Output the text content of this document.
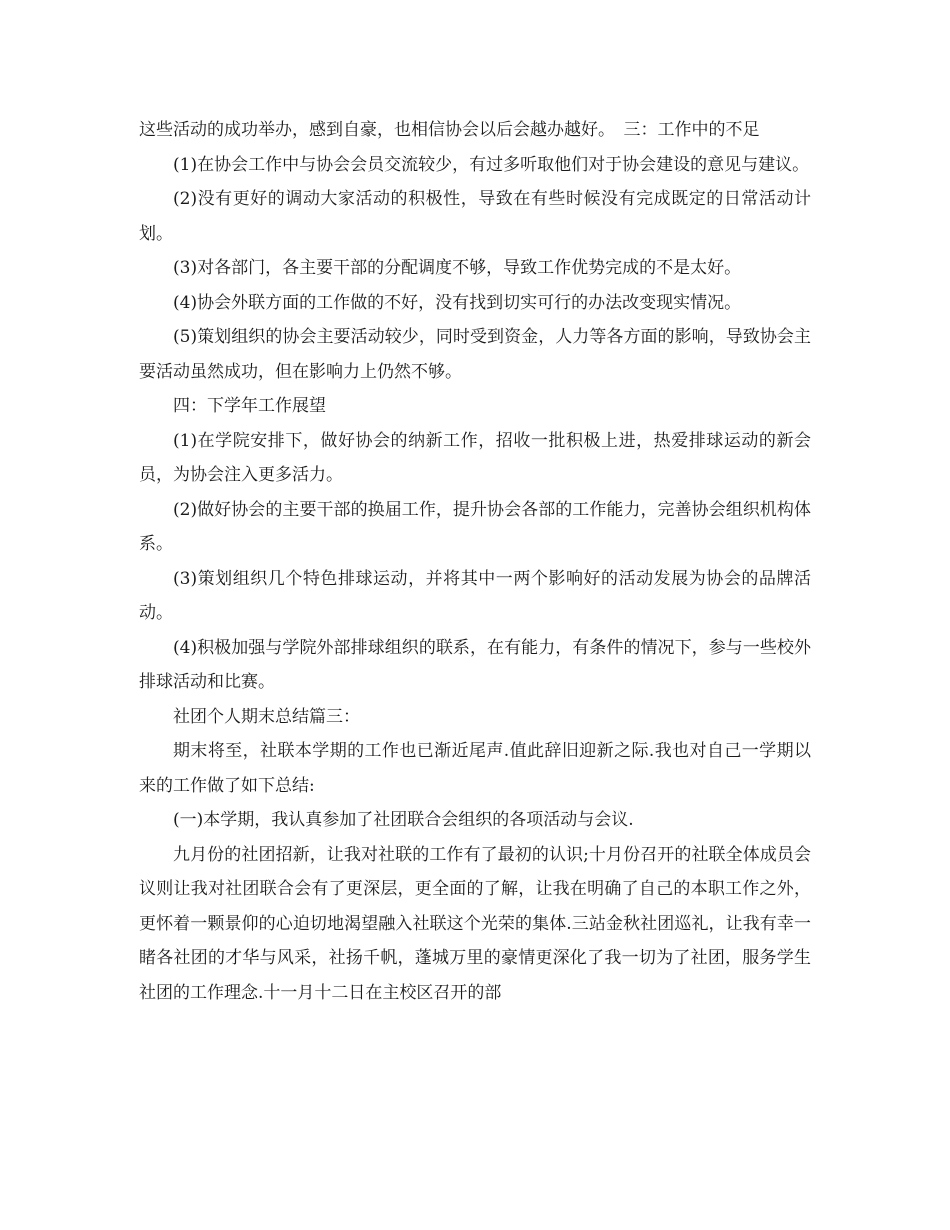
这些活动的成功举办，感到自豪，也相信协会以后会越办越好。　三：工作中的不足

(1)在协会工作中与协会会员交流较少，有过多听取他们对于协会建设的意见与建议。

(2)没有更好的调动大家活动的积极性，导致在有些时候没有完成既定的日常活动计划。

(3)对各部门，各主要干部的分配调度不够，导致工作优势完成的不是太好。

(4)协会外联方面的工作做的不好，没有找到切实可行的办法改变现实情况。

(5)策划组织的协会主要活动较少，同时受到资金，人力等各方面的影响，导致协会主要活动虽然成功，但在影响力上仍然不够。

四：下学年工作展望

(1)在学院安排下，做好协会的纳新工作，招收一批积极上进，热爱排球运动的新会员，为协会注入更多活力。

(2)做好协会的主要干部的换届工作，提升协会各部的工作能力，完善协会组织机构体系。

(3)策划组织几个特色排球运动，并将其中一两个影响好的活动发展为协会的品牌活动。

(4)积极加强与学院外部排球组织的联系，在有能力，有条件的情况下，参与一些校外排球活动和比赛。

社团个人期末总结篇三：

期末将至，社联本学期的工作也已渐近尾声.值此辞旧迎新之际.我也对自己一学期以来的工作做了如下总结:

(一)本学期，我认真参加了社团联合会组织的各项活动与会议.

九月份的社团招新，让我对社联的工作有了最初的认识;十月份召开的社联全体成员会议则让我对社团联合会有了更深层，更全面的了解，让我在明确了自己的本职工作之外，更怀着一颗景仰的心迫切地渴望融入社联这个光荣的集体.三站金秋社团巡礼，让我有幸一睹各社团的才华与风采，社扬千帆，蓬城万里的豪情更深化了我一切为了社团，服务学生社团的工作理念.十一月十二日在主校区召开的部
